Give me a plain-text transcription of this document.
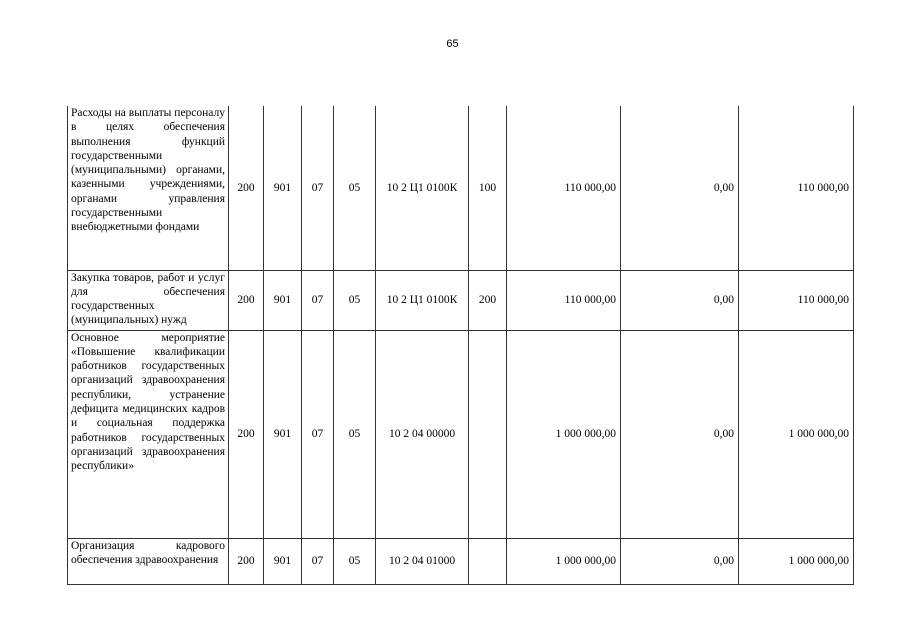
65
Расходы на выплаты персоналу в целях обеспечения выполнения функций государственными (муниципальными) органами, казенными учреждениями, органами управления государственными внебюджетными фондами	200	901	07	05	10 2 Ц1 0100К	100	110 000,00	0,00	110 000,00
Закупка товаров, работ и услуг для обеспечения государственных (муниципальных) нужд	200	901	07	05	10 2 Ц1 0100К	200	110 000,00	0,00	110 000,00
Основное мероприятие «Повышение квалификации работников государственных организаций здравоохранения республики, устранение дефицита медицинских кадров и социальная поддержка работников государственных организаций здравоохранения республики»	200	901	07	05	10 2 04 00000		1 000 000,00	0,00	1 000 000,00
Организация кадрового обеспечения здравоохранения	200	901	07	05	10 2 04 01000		1 000 000,00	0,00	1 000 000,00
